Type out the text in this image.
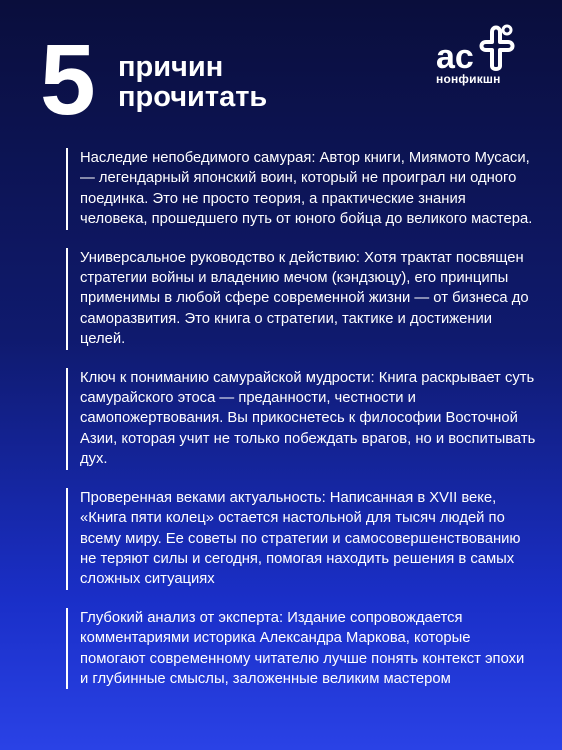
5 причин
прочитать
ac
нонфикшн
Наследие непобедимого самурая: Автор книги, Миямото Мусаси, — легендарный японский воин, который не проиграл ни одного поединка. Это не просто теория, а практические знания человека, прошедшего путь от юного бойца до великого мастера.
Универсальное руководство к действию: Хотя трактат посвящен стратегии войны и владению мечом (кэндзюцу), его принципы применимы в любой сфере современной жизни — от бизнеса до саморазвития. Это книга о стратегии, тактике и достижении целей.
Ключ к пониманию самурайской мудрости: Книга раскрывает суть самурайского этоса — преданности, честности и самопожертвования. Вы прикоснетесь к философии Восточной Азии, которая учит не только побеждать врагов, но и воспитывать дух.
Проверенная веками актуальность: Написанная в XVII веке, «Книга пяти колец» остается настольной для тысяч людей по всему миру. Ее советы по стратегии и самосовершенствованию не теряют силы и сегодня, помогая находить решения в самых сложных ситуациях
Глубокий анализ от эксперта: Издание сопровождается комментариями историка Александра Маркова, которые помогают современному читателю лучше понять контекст эпохи и глубинные смыслы, заложенные великим мастером
